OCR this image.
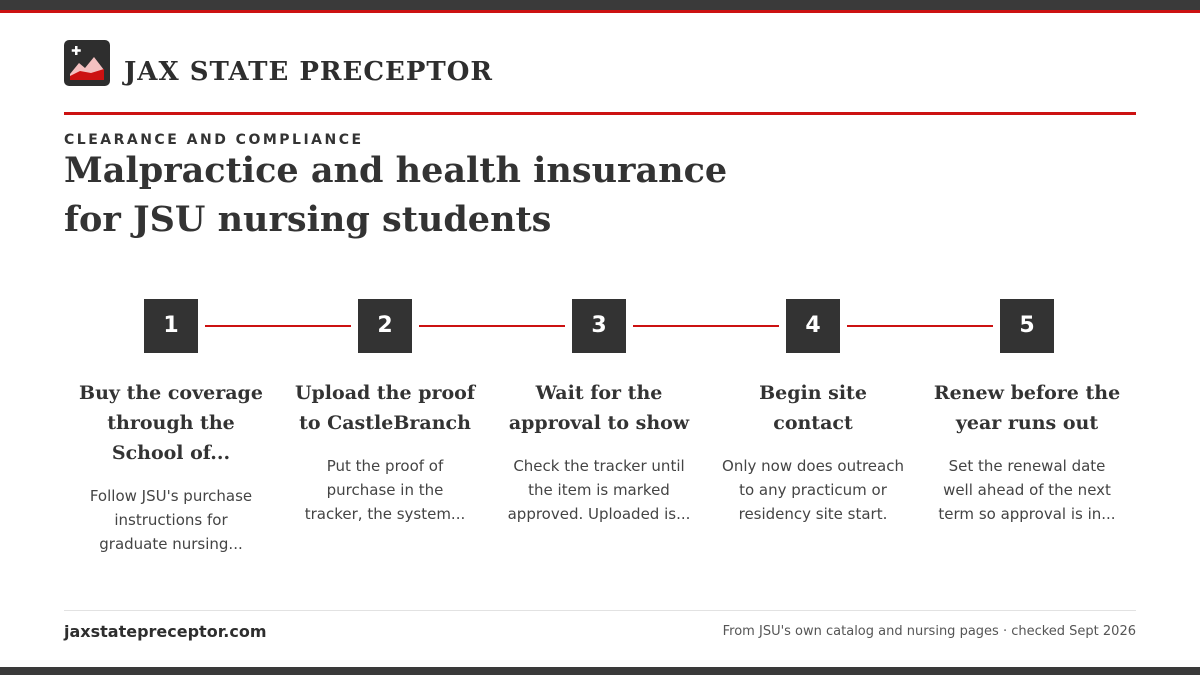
JAX STATE PRECEPTOR
CLEARANCE AND COMPLIANCE
Malpractice and health insurance
for JSU nursing students
1
Buy the coverage
through the
School of...
Follow JSU's purchase
instructions for
graduate nursing...
2
Upload the proof
to CastleBranch
Put the proof of
purchase in the
tracker, the system...
3
Wait for the
approval to show
Check the tracker until
the item is marked
approved. Uploaded is...
4
Begin site
contact
Only now does outreach
to any practicum or
residency site start.
5
Renew before the
year runs out
Set the renewal date
well ahead of the next
term so approval is in...
jaxstatepreceptor.com	From JSU's own catalog and nursing pages · checked Sept 2026
